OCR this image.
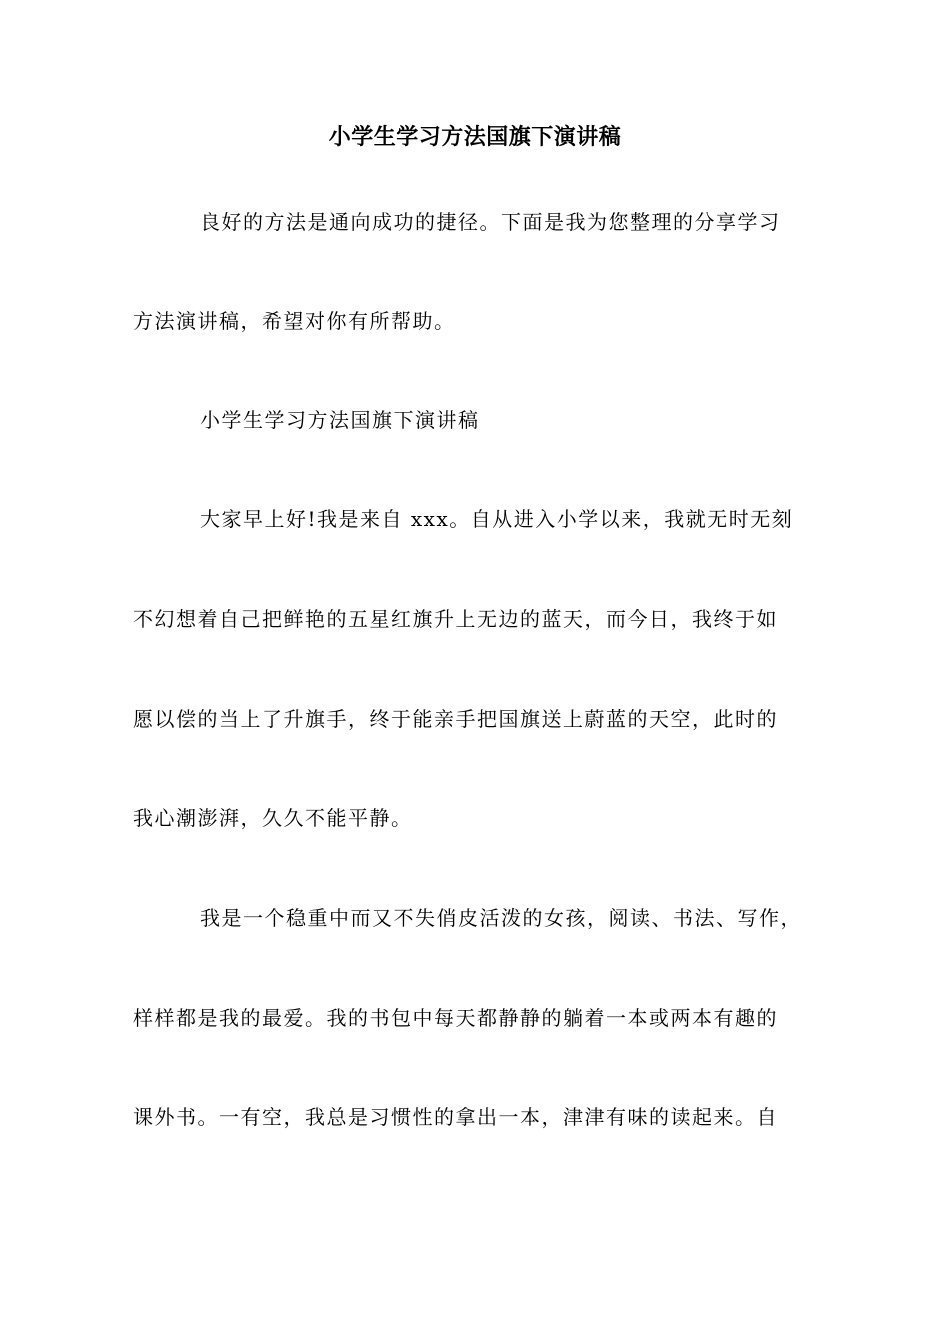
小学生学习方法国旗下演讲稿
良好的方法是通向成功的捷径。下面是我为您整理的分享学习
方法演讲稿，希望对你有所帮助。
小学生学习方法国旗下演讲稿
大家早上好!我是来自 xxx。自从进入小学以来，我就无时无刻
不幻想着自己把鲜艳的五星红旗升上无边的蓝天，而今日，我终于如
愿以偿的当上了升旗手，终于能亲手把国旗送上蔚蓝的天空，此时的
我心潮澎湃，久久不能平静。
我是一个稳重中而又不失俏皮活泼的女孩，阅读、书法、写作，
样样都是我的最爱。我的书包中每天都静静的躺着一本或两本有趣的
课外书。一有空，我总是习惯性的拿出一本，津津有味的读起来。自
